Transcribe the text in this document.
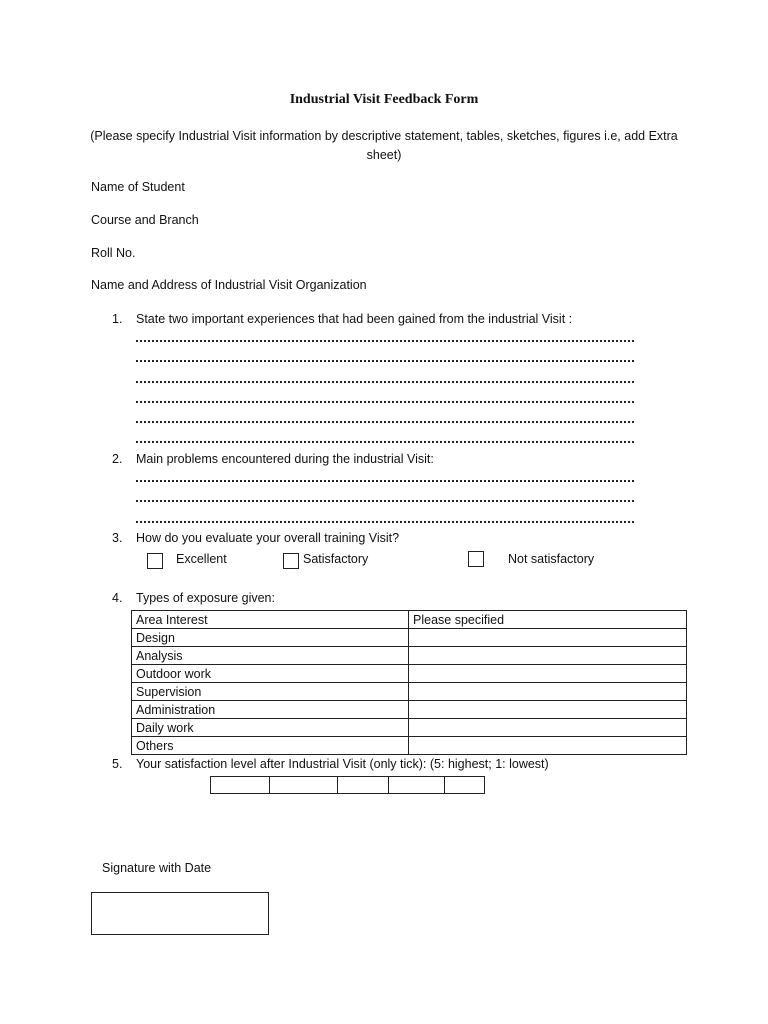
Industrial Visit Feedback Form
(Please specify Industrial Visit information by descriptive statement, tables, sketches, figures i.e, add Extra sheet)
Name of Student
Course and Branch
Roll No.
Name and Address of Industrial Visit Organization
1. State two important experiences that had been gained from the industrial Visit :
2. Main problems encountered during the industrial Visit:
3. How do you evaluate your overall training Visit?
Excellent	Satisfactory	Not satisfactory
4. Types of exposure given:
Area Interest	Please specified
Design	
Analysis	
Outdoor work	
Supervision	
Administration	
Daily work	
Others	
5. Your satisfaction level after Industrial Visit (only tick): (5: highest; 1: lowest)

Signature with Date
